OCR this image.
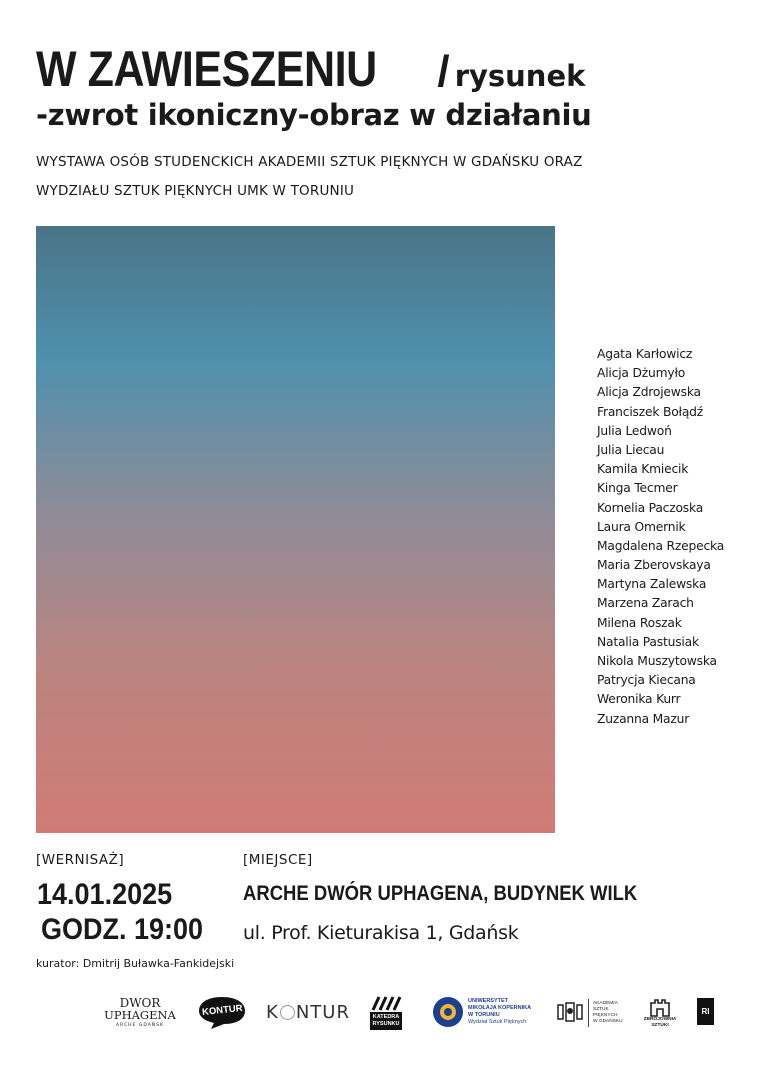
W ZAWIESZENIU / rysunek
-zwrot ikoniczny-obraz w działaniu
WYSTAWA OSÓB STUDENCKICH AKADEMII SZTUK PIĘKNYCH W GDAŃSKU ORAZ
WYDZIAŁU SZTUK PIĘKNYCH UMK W TORUNIU
Agata Karłowicz
Alicja Dżumyło
Alicja Zdrojewska
Franciszek Bołądź
Julia Ledwoń
Julia Liecau
Kamila Kmiecik
Kinga Tecmer
Kornelia Paczoska
Laura Omernik
Magdalena Rzepecka
Maria Zberovskaya
Martyna Zalewska
Marzena Zarach
Milena Roszak
Natalia Pastusiak
Nikola Muszytowska
Patrycja Kiecana
Weronika Kurr
Zuzanna Mazur
[WERNISAŻ]
14.01.2025
GODZ. 19:00
kurator: Dmitrij Buławka-Fankidejski
[MIEJSCE]
ARCHE DWÓR UPHAGENA, BUDYNEK WILK
ul. Prof. Kieturakisa 1, Gdańsk
DWOR
UPHAGENA
ARCHE GDAŃSK
KONTUR K NTUR	KATEDRA
RYSUNKU
UNIWERSYTET
MIKOŁAJA KOPERNIKA
W TORUNIU
Wydział Sztuk Pięknych
AKADEMIA
SZTUK
PIĘKNYCH
W GDAŃSKU	ZBROJOWNIA
SZTUKI
RI
